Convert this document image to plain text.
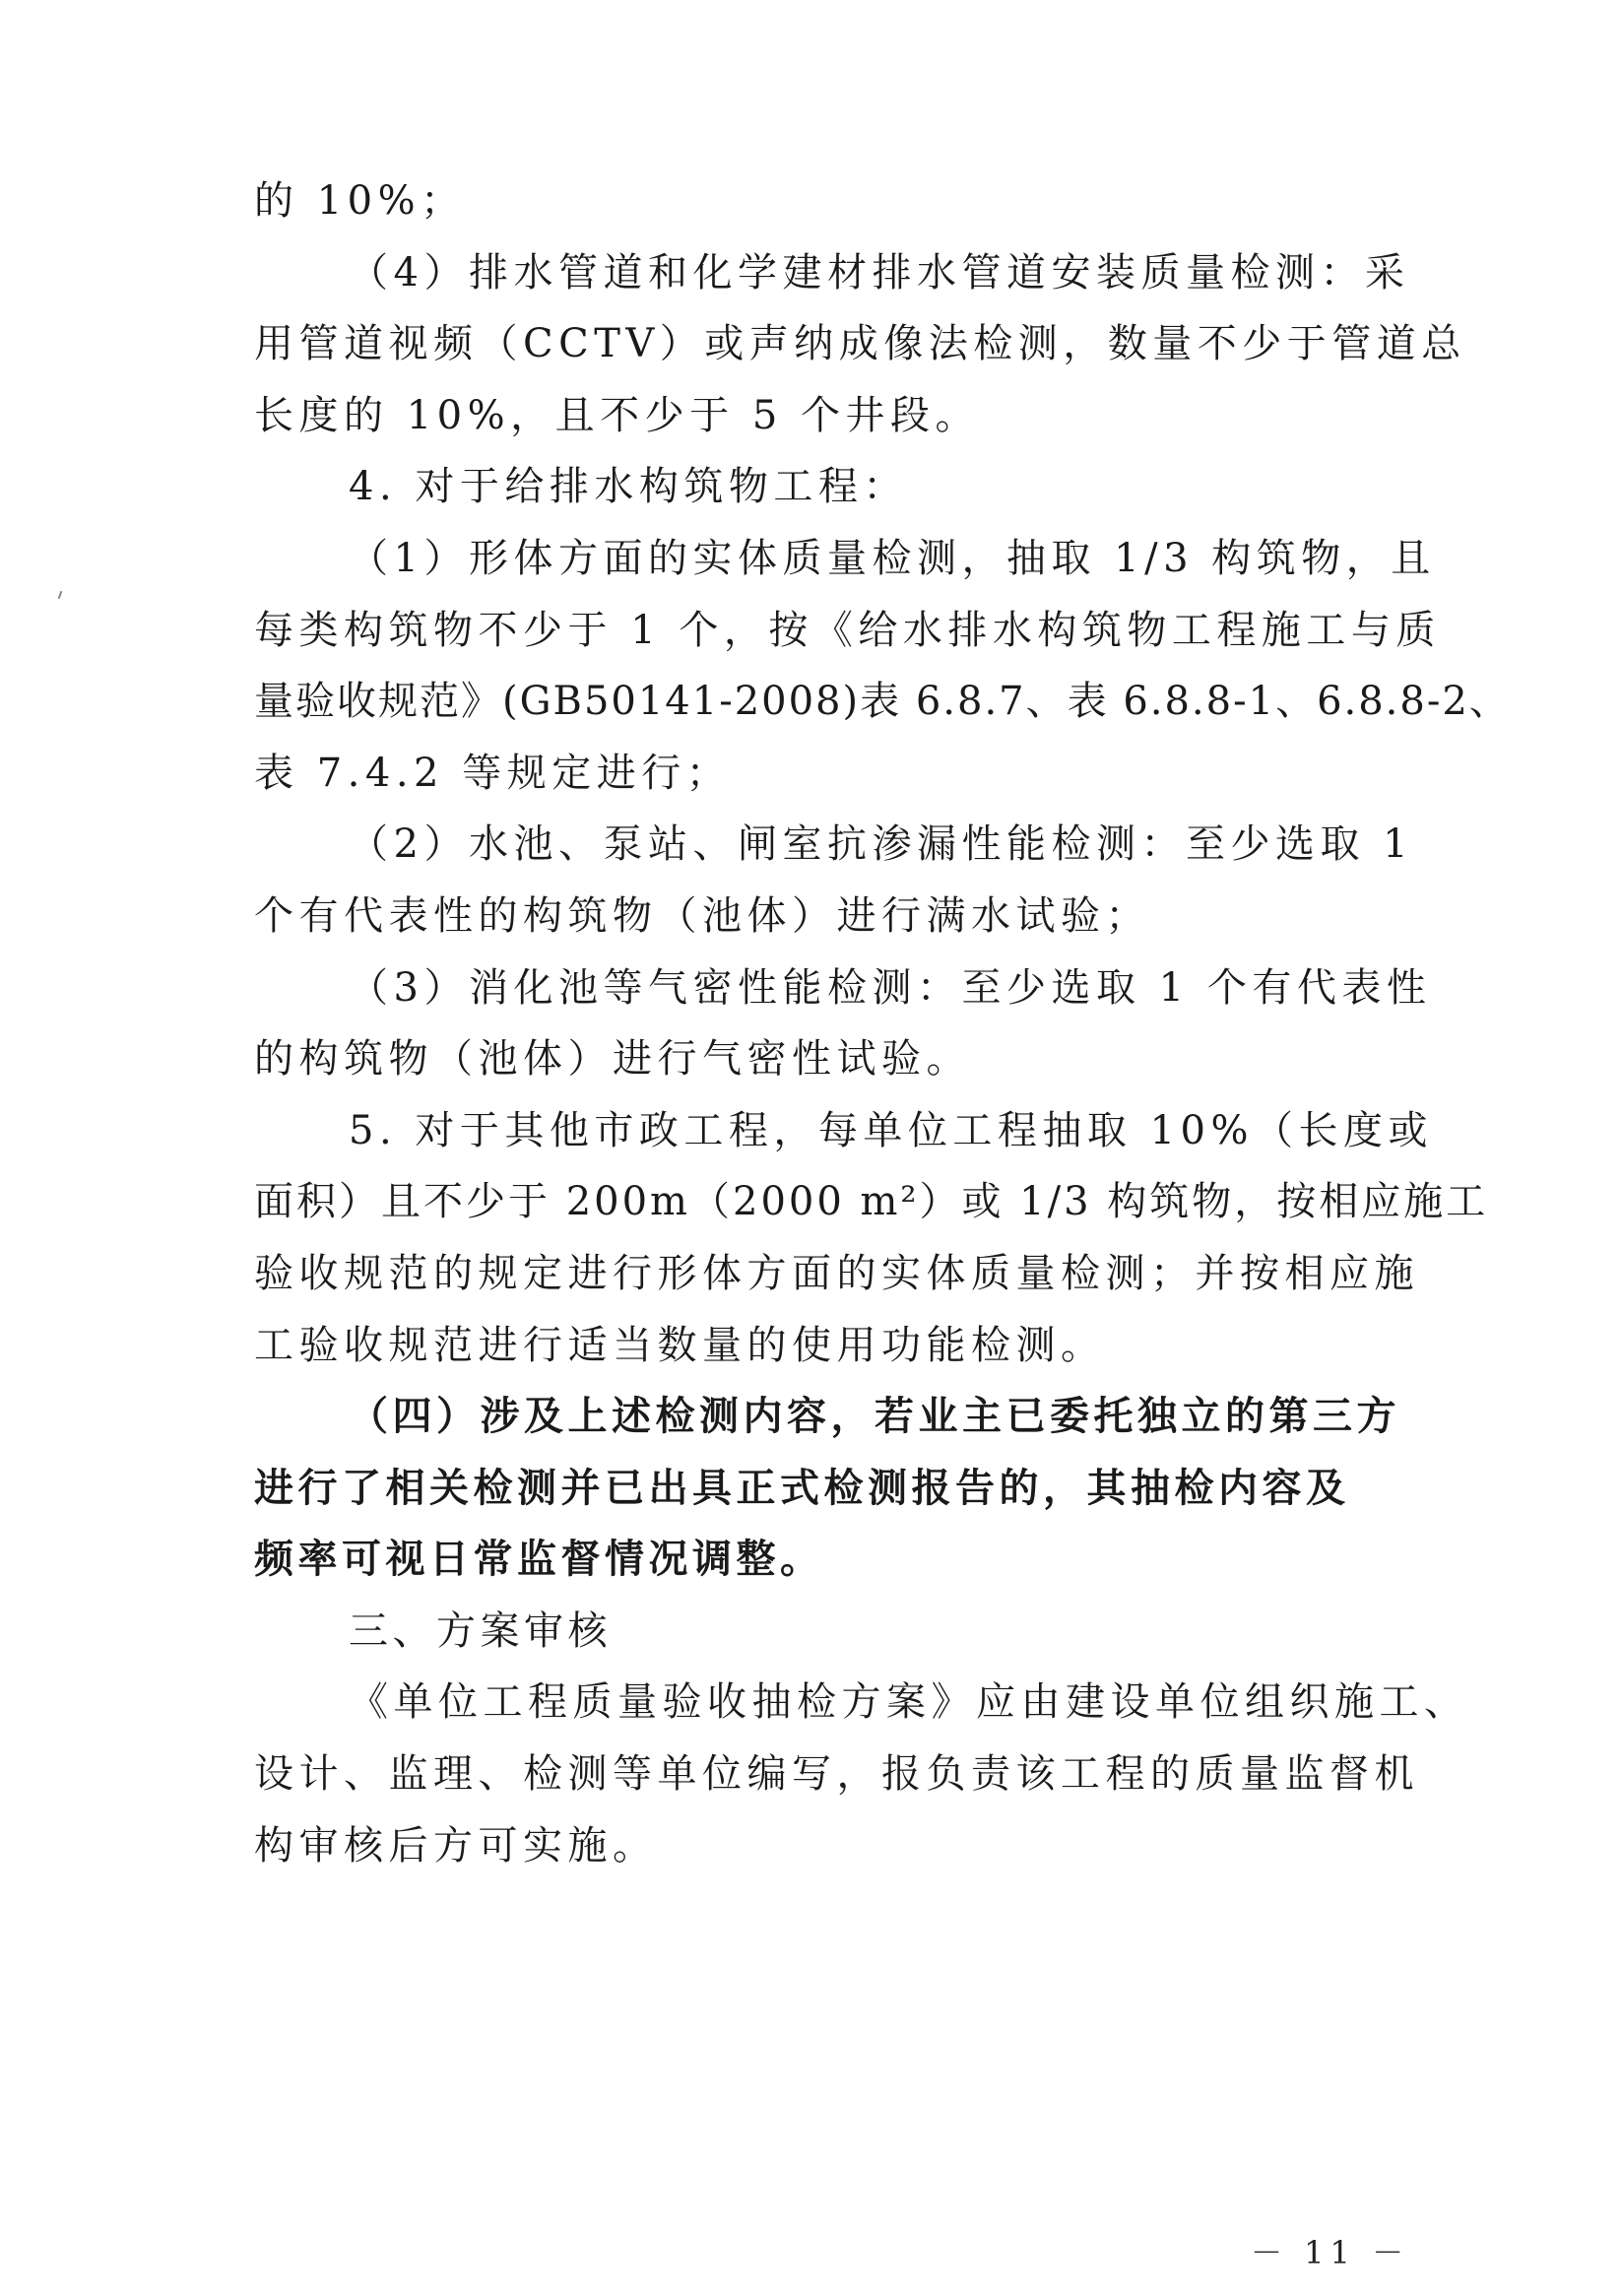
的 10%；
（4）排水管道和化学建材排水管道安装质量检测：采
用管道视频（CCTV）或声纳成像法检测，数量不少于管道总
长度的 10%，且不少于 5 个井段。
4. 对于给排水构筑物工程：
（1）形体方面的实体质量检测，抽取 1/3 构筑物，且
每类构筑物不少于 1 个，按《给水排水构筑物工程施工与质
量验收规范》(GB50141-2008)表 6.8.7、表 6.8.8-1、6.8.8-2、
表 7.4.2 等规定进行；
（2）水池、泵站、闸室抗渗漏性能检测：至少选取 1
个有代表性的构筑物（池体）进行满水试验；
（3）消化池等气密性能检测：至少选取 1 个有代表性
的构筑物（池体）进行气密性试验。
5. 对于其他市政工程，每单位工程抽取 10%（长度或
面积）且不少于 200m（2000 m²）或 1/3 构筑物，按相应施工
验收规范的规定进行形体方面的实体质量检测；并按相应施
工验收规范进行适当数量的使用功能检测。
（四）涉及上述检测内容，若业主已委托独立的第三方
进行了相关检测并已出具正式检测报告的，其抽检内容及
频率可视日常监督情况调整。
三、方案审核
《单位工程质量验收抽检方案》应由建设单位组织施工、
设计、监理、检测等单位编写，报负责该工程的质量监督机
构审核后方可实施。
－ 11 －
